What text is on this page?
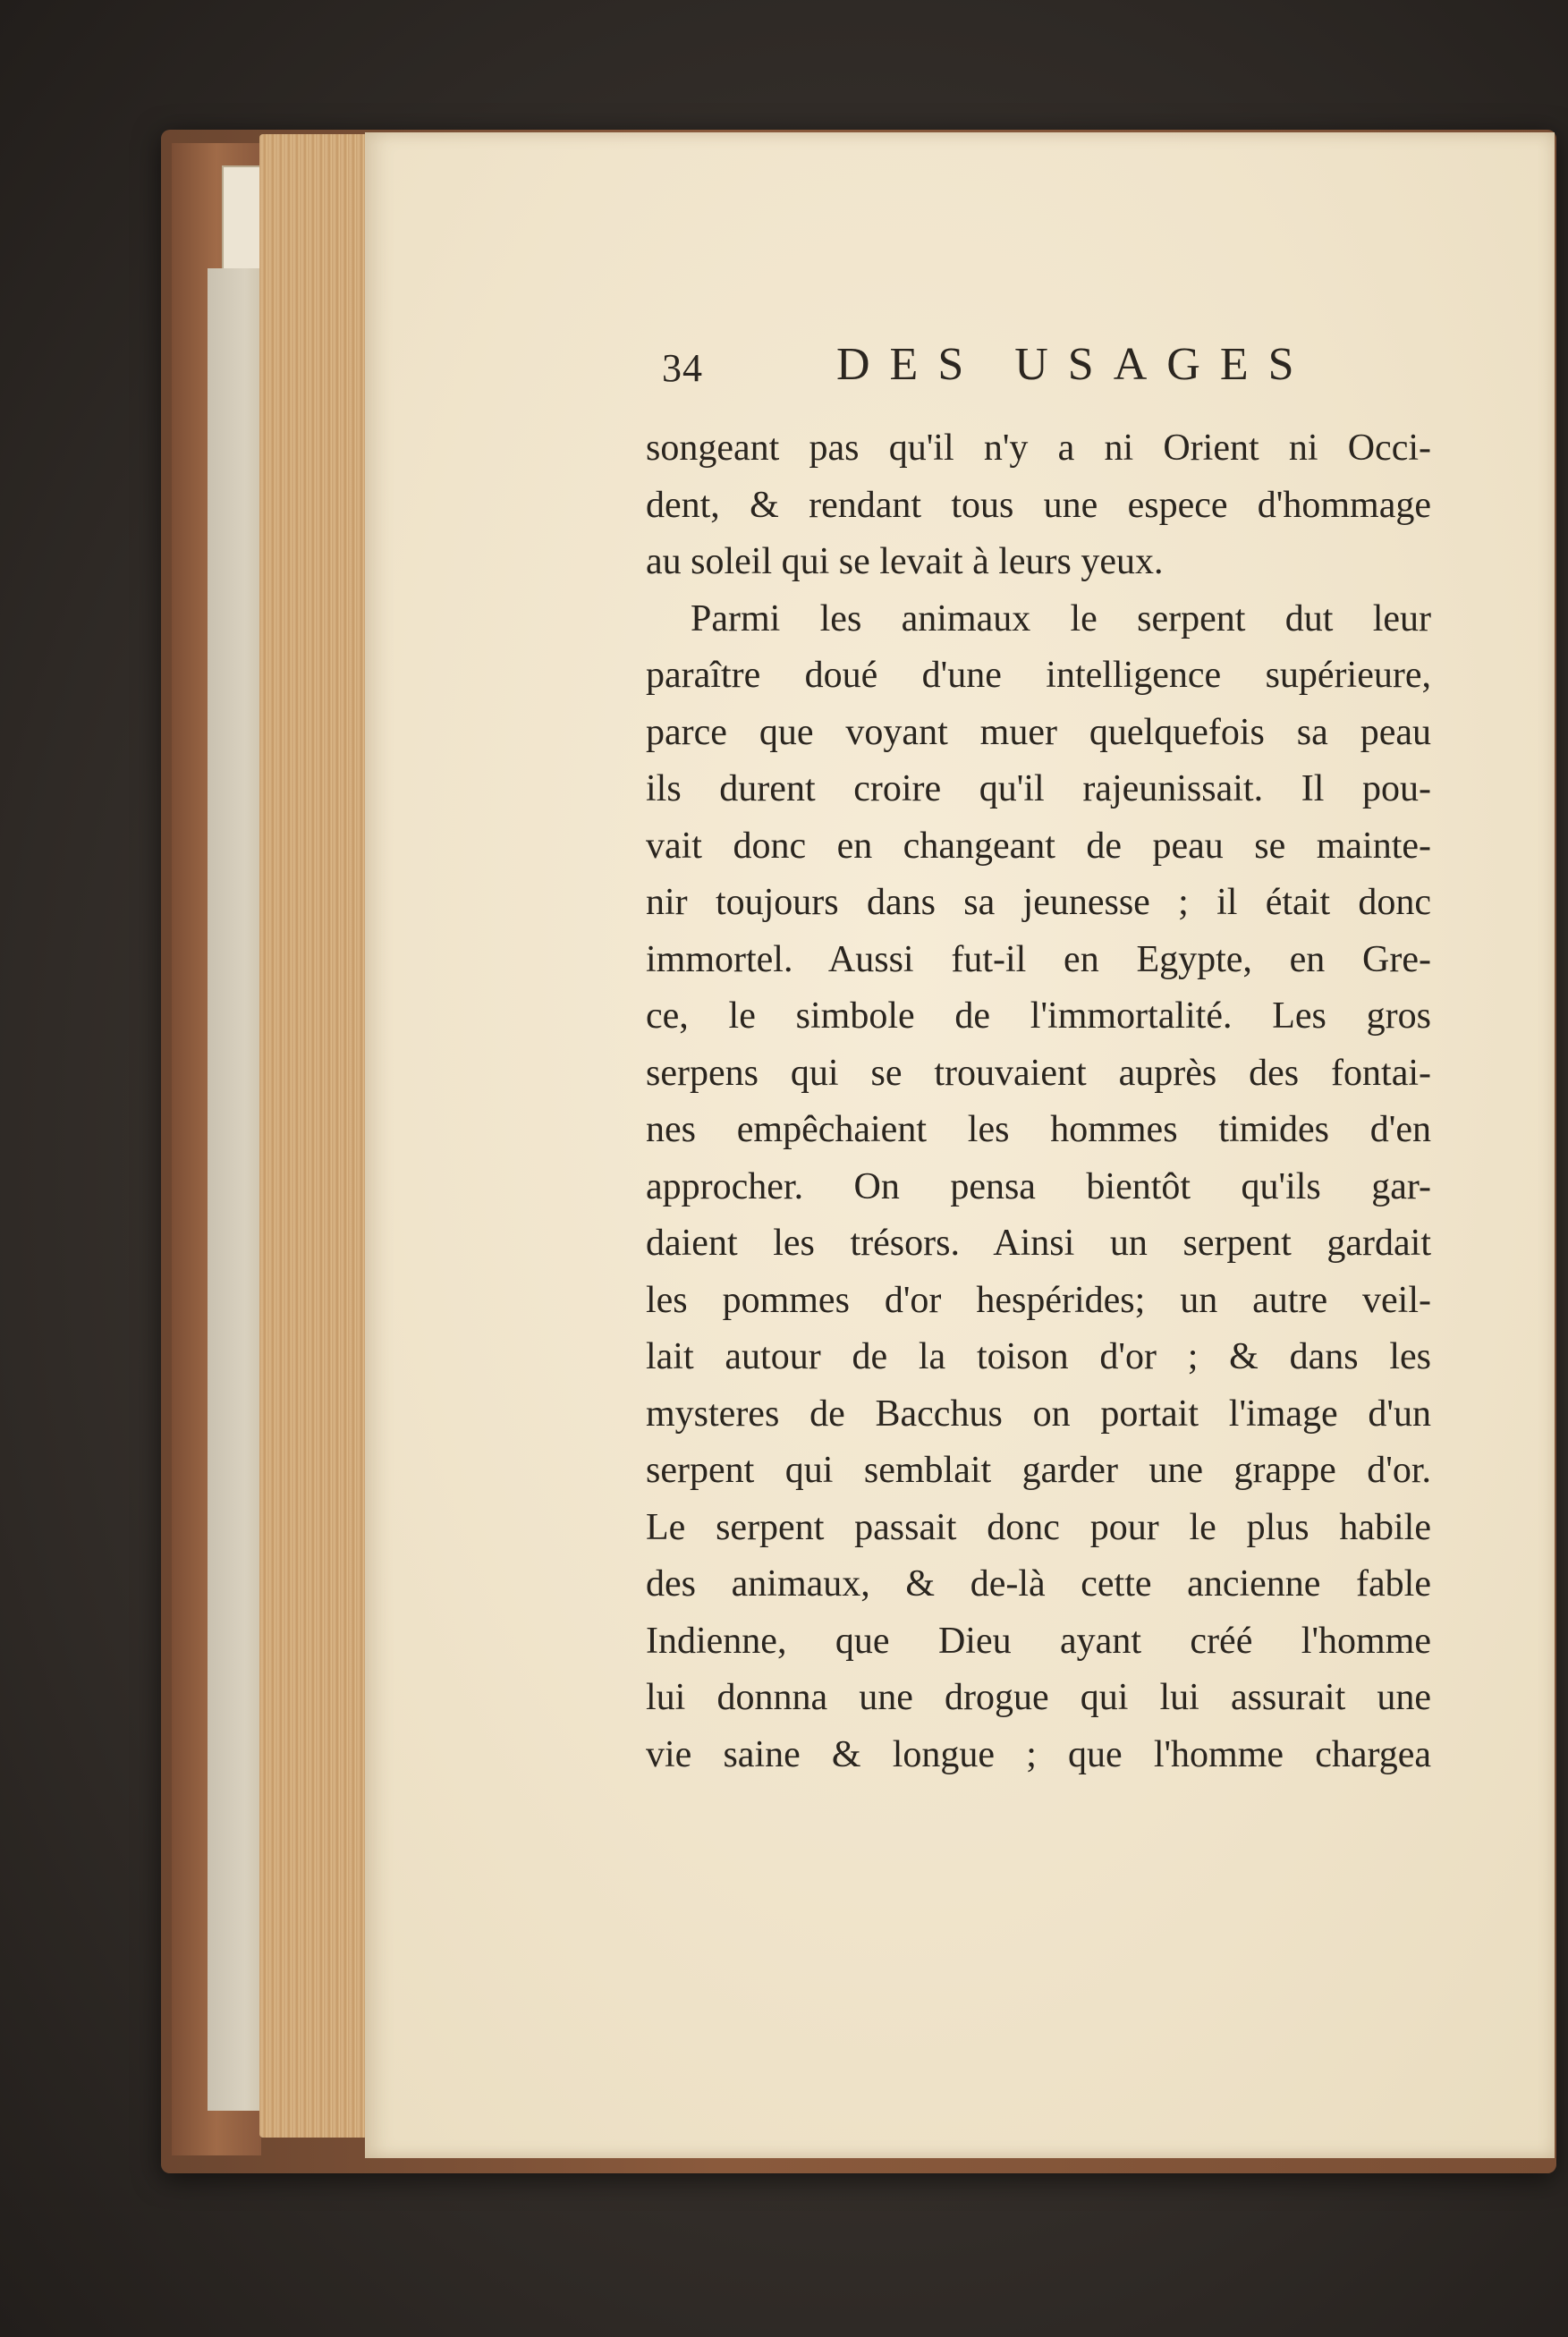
34	DES USAGES
songeant pas qu'il n'y a ni Orient ni Occi-
dent, & rendant tous une espece d'hommage
au soleil qui se levait à leurs yeux.
Parmi les animaux le serpent dut leur
paraître doué d'une intelligence supérieure,
parce que voyant muer quelquefois sa peau
ils durent croire qu'il rajeunissait. Il pou-
vait donc en changeant de peau se mainte-
nir toujours dans sa jeunesse ; il était donc
immortel. Aussi fut-il en Egypte, en Gre-
ce, le simbole de l'immortalité. Les gros
serpens qui se trouvaient auprès des fontai-
nes empêchaient les hommes timides d'en
approcher. On pensa bientôt qu'ils gar-
daient les trésors. Ainsi un serpent gardait
les pommes d'or hespérides; un autre veil-
lait autour de la toison d'or ; & dans les
mysteres de Bacchus on portait l'image d'un
serpent qui semblait garder une grappe d'or.
Le serpent passait donc pour le plus habile
des animaux, & de-là cette ancienne fable
Indienne, que Dieu ayant créé l'homme
lui donnna une drogue qui lui assurait une
vie saine & longue ; que l'homme chargea
